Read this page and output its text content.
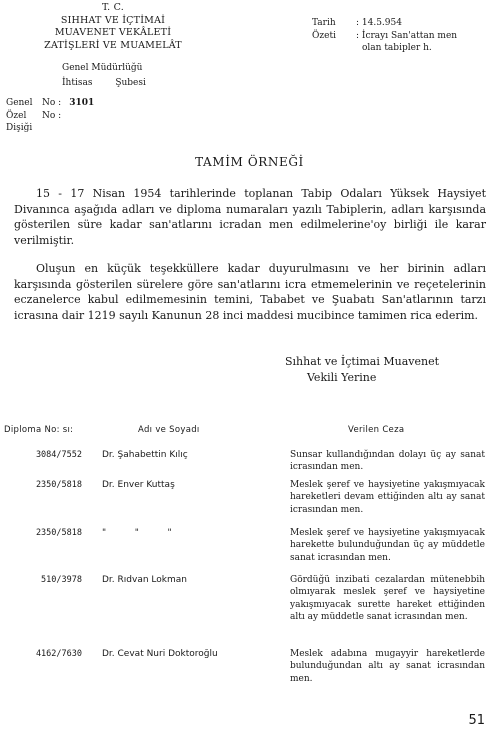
T. C.
SIHHAT VE İÇTİMAİ
MUAVENET VEKÂLETİ
ZATİŞLERİ VE MUAMELÂT
Genel Müdürlüğü
İhtisas        Şubesi
Genel No : 3101
Özel	No :
Dişiği
Tarih	: 14.5.954
Özeti	: İcrayı San'attan men
olan tabipler h.
TAMİM ÖRNEĞİ
15 - 17 Nisan 1954 tarihlerinde toplanan Tabip Odaları Yüksek Haysiyet Divanınca aşağıda adları ve diploma numaraları yazılı Tabiplerin, adları karşısında gösterilen süre kadar san'atlarını icradan men edilmelerine'oy birliği ile karar verilmiştir.
Oluşun en küçük teşekküllere kadar duyurulmasını ve her birinin adları karşısında gösterilen sürelere göre san'atlarını icra etmemelerinin ve reçetelerinin eczanelerce kabul edilmemesinin temini, Tababet ve Şuabatı San'atlarının tarzı icrasına dair 1219 sayılı Kanunun 28 inci maddesi mucibince tamimen rica ederim.
Sıhhat ve İçtimai Muavenet
Vekili Yerine
Diploma No: sı:	Adı ve Soyadı	Verilen Ceza
3084/7552 Dr. Şahabettin Kılıç	Sunsar kullandığından dolayı üç ay sanat icrasından men.
2350/5818 Dr. Enver Kuttaş	Meslek şeref ve haysiyetine yakışmıyacak hareketleri devam ettiğinden altı ay sanat icrasından men.
2350/5818 "          "          "	Meslek şeref ve haysiyetine yakışmıyacak harekette bulunduğundan üç ay müddetle sanat icrasından men.
510/3978 Dr. Rıdvan Lokman	Gördüğü inzibati cezalardan mütenebbih olmıyarak meslek şeref ve haysiyetine yakışmıyacak surette hareket ettiğinden altı ay müddetle sanat icrasından men.
4162/7630 Dr. Cevat Nuri Doktoroğlu	Meslek adabına mugayyir hareketlerde bulunduğundan altı ay sanat icrasından men.
51
